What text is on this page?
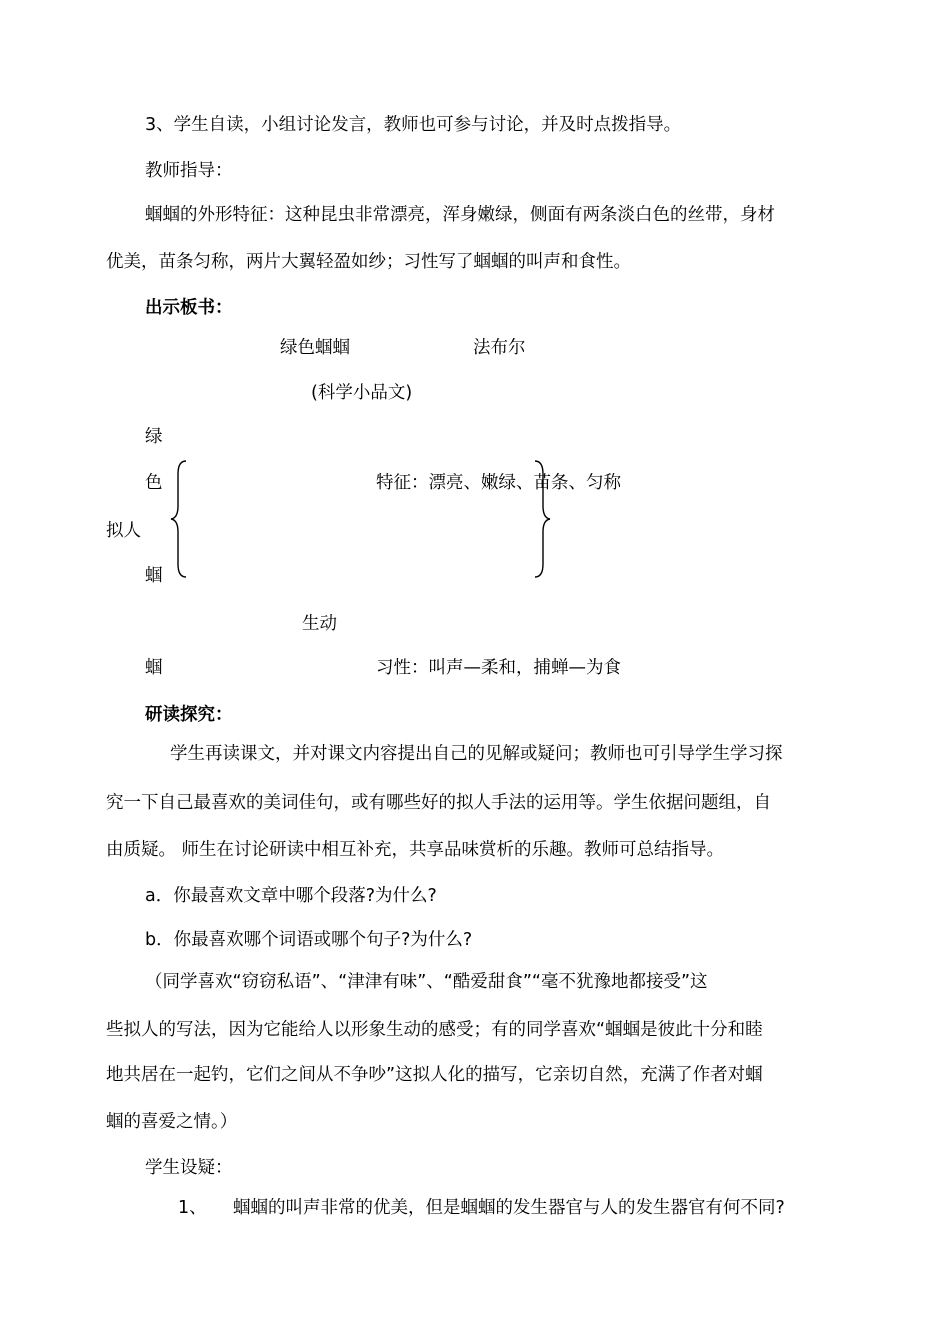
3、学生自读，小组讨论发言，教师也可参与讨论，并及时点拨指导。
教师指导：
蝈蝈的外形特征：这种昆虫非常漂亮，浑身嫩绿，侧面有两条淡白色的丝带，身材
优美，苗条匀称，两片大翼轻盈如纱；习性写了蝈蝈的叫声和食性。
出示板书：
绿色蝈蝈	法布尔
(科学小品文)
绿
色
拟人
蝈
特征：漂亮、嫩绿、苗条、匀称
生动
蝈	习性：叫声—柔和，捕蝉—为食
研读探究：
学生再读课文，并对课文内容提出自己的见解或疑问；教师也可引导学生学习探
究一下自己最喜欢的美词佳句，或有哪些好的拟人手法的运用等。学生依据问题组，自
由质疑。 师生在讨论研读中相互补充，共享品味赏析的乐趣。教师可总结指导。
a．你最喜欢文章中哪个段落?为什么?
b．你最喜欢哪个词语或哪个句子?为什么?
（同学喜欢“窃窃私语”、“津津有味”、“酷爱甜食”“毫不犹豫地都接受”这
些拟人的写法，因为它能给人以形象生动的感受；有的同学喜欢“蝈蝈是彼此十分和睦
地共居在一起钓，它们之间从不争吵”这拟人化的描写，它亲切自然，充满了作者对蝈
蝈的喜爱之情。）
学生设疑：
1、 蝈蝈的叫声非常的优美，但是蝈蝈的发生器官与人的发生器官有何不同?
